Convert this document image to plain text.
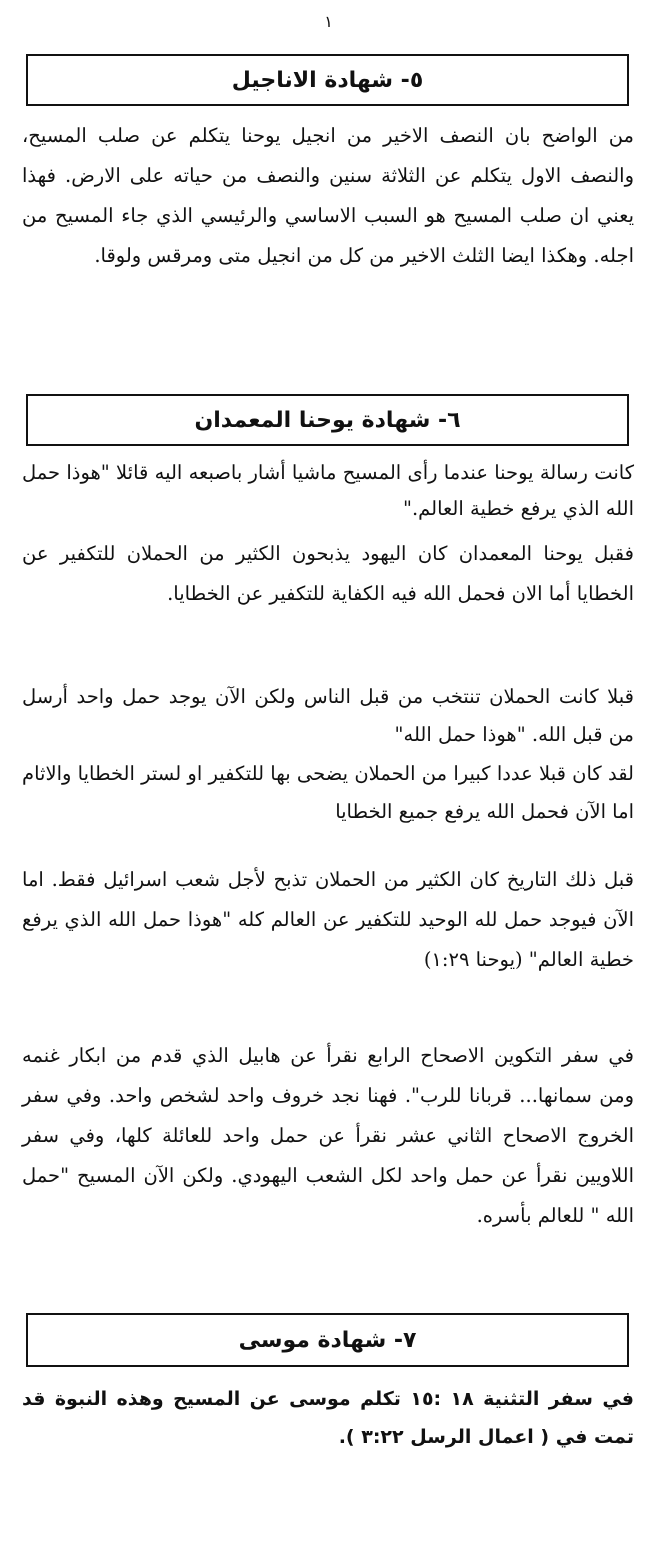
١
٥- شهادة الاناجيل

من الواضح بان النصف الاخير من انجيل يوحنا يتكلم عن صلب المسيح، والنصف الاول يتكلم عن الثلاثة سنين والنصف من حياته على الارض. فهذا يعني ان صلب المسيح هو السبب الاساسي والرئيسي الذي جاء المسيح من اجله. وهكذا ايضا الثلث الاخير من كل من انجيل متى ومرقس ولوقا.

٦- شهادة يوحنا المعمدان

كانت رسالة يوحنا عندما رأى المسيح ماشيا أشار باصبعه اليه قائلا "هوذا حمل الله الذي يرفع خطية العالم."

فقبل يوحنا المعمدان كان اليهود يذبحون الكثير من الحملان للتكفير عن الخطايا أما الان فحمل الله فيه الكفاية للتكفير عن الخطايا.

قبلا كانت الحملان تنتخب من قبل الناس ولكن الآن يوجد حمل واحد أرسل من قبل الله. "هوذا حمل الله"

لقد كان قبلا عددا كبيرا من الحملان يضحى بها للتكفير او لستر الخطايا والاثام اما الآن فحمل الله يرفع جميع الخطايا

قبل ذلك التاريخ كان الكثير من الحملان تذبح لأجل شعب اسرائيل فقط. اما الآن فيوجد حمل لله الوحيد للتكفير عن العالم كله "هوذا حمل الله الذي يرفع خطية العالم" (يوحنا ١:٢٩)

في سفر التكوين الاصحاح الرابع نقرأ عن هابيل الذي قدم من ابكار غنمه ومن سمانها... قربانا للرب". فهنا نجد خروف واحد لشخص واحد. وفي سفر الخروج الاصحاح الثاني عشر نقرأ عن حمل واحد للعائلة كلها، وفي سفر اللاويين نقرأ عن حمل واحد لكل الشعب اليهودي. ولكن الآن المسيح "حمل الله " للعالم بأسره.

٧- شهادة موسى

في سفر التثنية ١٨ :١٥ تكلم موسى عن المسيح وهذه النبوة قد تمت في ( اعمال الرسل ٣:٢٢ ).
